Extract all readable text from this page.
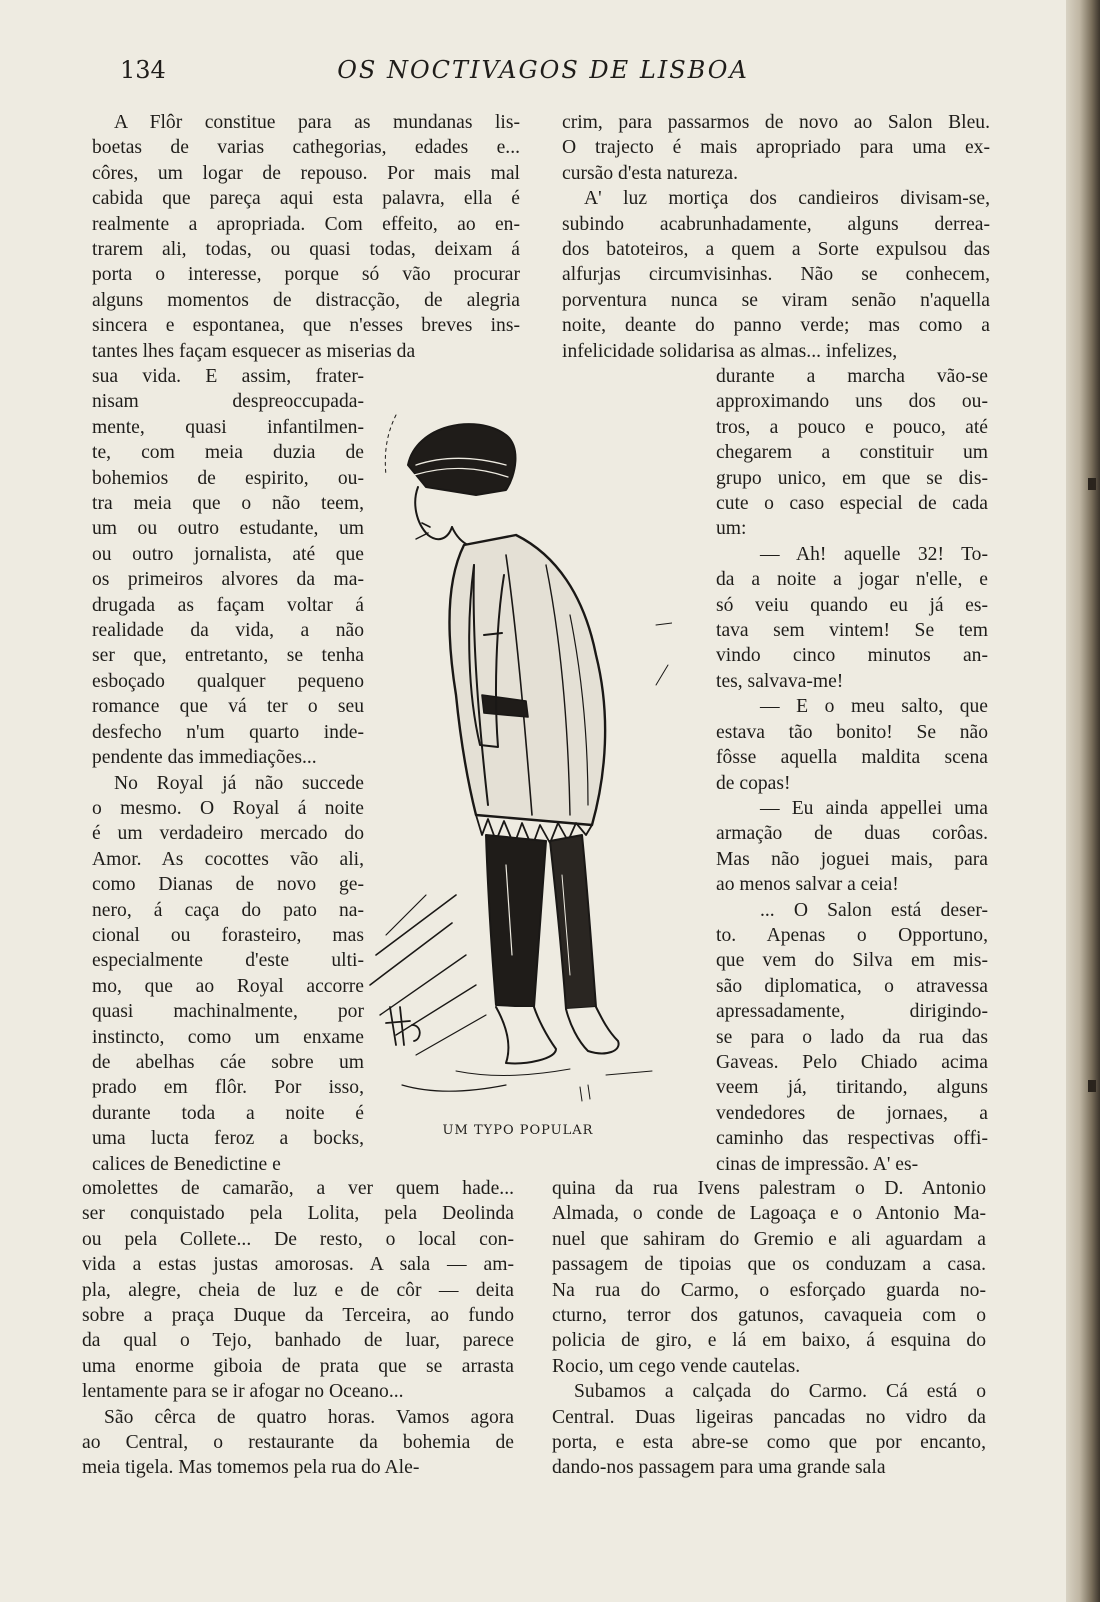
134	OS NOCTIVAGOS DE LISBOA

A Flôr constitue para as mundanas lis-

boetas de varias cathegorias, edades e...

côres, um logar de repouso. Por mais mal

cabida que pareça aqui esta palavra, ella é

realmente a apropriada. Com effeito, ao en-

trarem ali, todas, ou quasi todas, deixam á

porta o interesse, porque só vão procurar

alguns momentos de distracção, de alegria

sincera e espontanea, que n'esses breves ins-

tantes lhes façam esquecer as miserias da

sua vida. E assim, frater-

nisam despreoccupada-

mente, quasi infantilmen-

te, com meia duzia de

bohemios de espirito, ou-

tra meia que o não teem,

um ou outro estudante, um

ou outro jornalista, até que

os primeiros alvores da ma-

drugada as façam voltar á

realidade da vida, a não

ser que, entretanto, se tenha

esboçado qualquer pequeno

romance que vá ter o seu

desfecho n'um quarto inde-

pendente das immediações...

No Royal já não succede

o mesmo. O Royal á noite

é um verdadeiro mercado do

Amor. As cocottes vão ali,

como Dianas de novo ge-

nero, á caça do pato na-

cional ou forasteiro, mas

especialmente d'este ulti-

mo, que ao Royal accorre

quasi machinalmente, por

instincto, como um enxame

de abelhas cáe sobre um

prado em flôr. Por isso,

durante toda a noite é

uma lucta feroz a bocks,

calices de Benedictine e

omolettes de camarão, a ver quem hade...

ser conquistado pela Lolita, pela Deolinda

ou pela Collete... De resto, o local con-

vida a estas justas amorosas. A sala — am-

pla, alegre, cheia de luz e de côr — deita

sobre a praça Duque da Terceira, ao fundo

da qual o Tejo, banhado de luar, parece

uma enorme giboia de prata que se arrasta

lentamente para se ir afogar no Oceano...

São cêrca de quatro horas. Vamos agora

ao Central, o restaurante da bohemia de

meia tigela. Mas tomemos pela rua do Ale-

crim, para passarmos de novo ao Salon Bleu.

O trajecto é mais apropriado para uma ex-

cursão d'esta natureza.

A' luz mortiça dos candieiros divisam-se,

subindo acabrunhadamente, alguns derrea-

dos batoteiros, a quem a Sorte expulsou das

alfurjas circumvisinhas. Não se conhecem,

porventura nunca se viram senão n'aquella

noite, deante do panno verde; mas como a

infelicidade solidarisa as almas... infelizes,

durante a marcha vão-se

approximando uns dos ou-

tros, a pouco e pouco, até

chegarem a constituir um

grupo unico, em que se dis-

cute o caso especial de cada

um:

— Ah! aquelle 32! To-

da a noite a jogar n'elle, e

só veiu quando eu já es-

tava sem vintem! Se tem

vindo cinco minutos an-

tes, salvava-me!

— E o meu salto, que

estava tão bonito! Se não

fôsse aquella maldita scena

de copas!

— Eu ainda appellei uma

armação de duas corôas.

Mas não joguei mais, para

ao menos salvar a ceia!

... O Salon está deser-

to. Apenas o Opportuno,

que vem do Silva em mis-

são diplomatica, o atravessa

apressadamente, dirigindo-

se para o lado da rua das

Gaveas. Pelo Chiado acima

veem já, tiritando, alguns

vendedores de jornaes, a

caminho das respectivas offi-

cinas de impressão. A' es-

quina da rua Ivens palestram o D. Antonio

Almada, o conde de Lagoaça e o Antonio Ma-

nuel que sahiram do Gremio e ali aguardam a

passagem de tipoias que os conduzam a casa.

Na rua do Carmo, o esforçado guarda no-

cturno, terror dos gatunos, cavaqueia com o

policia de giro, e lá em baixo, á esquina do

Rocio, um cego vende cautelas.

Subamos a calçada do Carmo. Cá está o

Central. Duas ligeiras pancadas no vidro da

porta, e esta abre-se como que por encanto,

dando-nos passagem para uma grande sala

UM TYPO POPULAR
